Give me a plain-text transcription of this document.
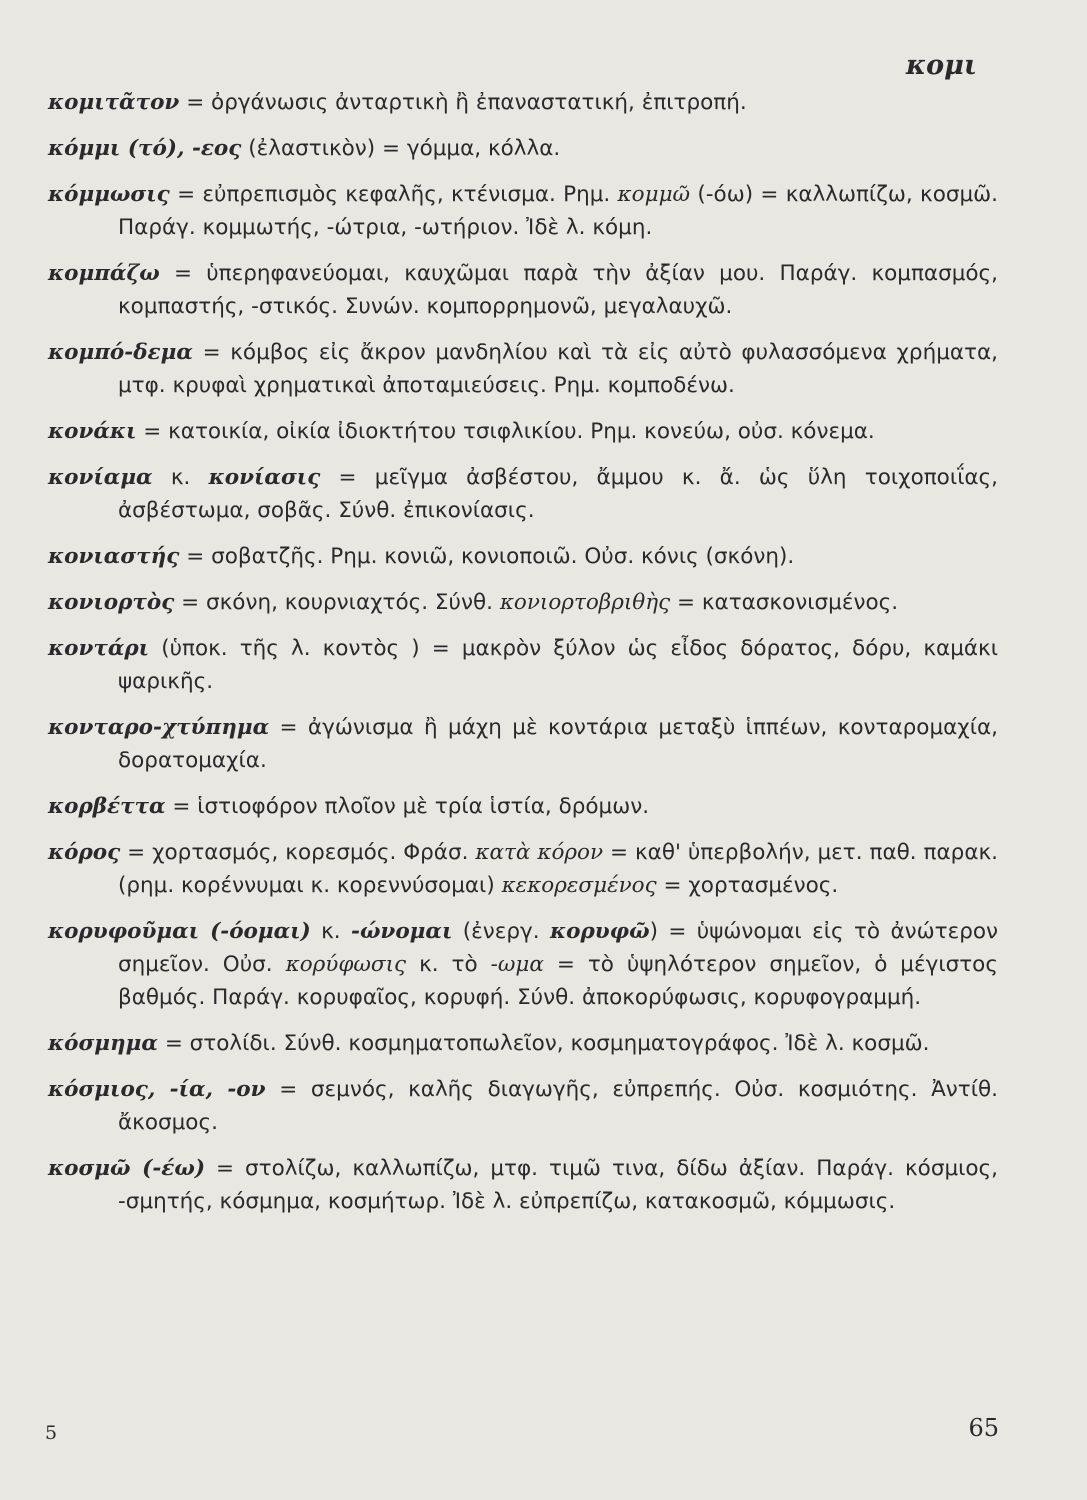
κομι

κομιτᾶτον = ὀργάνωσις ἀνταρτικὴ ἢ ἐπαναστατική, ἐπιτροπή.

κόμμι (τό), -εος (ἐλαστικὸν) = γόμμα, κόλλα.

κόμμωσις = εὐπρεπισμὸς κεφαλῆς, κτένισμα. Ρημ. κομμῶ (-όω) = καλλωπίζω, κοσμῶ. Παράγ. κομμωτής, -ώτρια, -ωτήριον. Ἰδὲ λ. κόμη.

κομπάζω = ὑπερηφανεύομαι, καυχῶμαι παρὰ τὴν ἀξίαν μου. Παράγ. κομπασμός, κομπαστής, -στικός. Συνών. κομπορρημονῶ, μεγαλαυχῶ.

κομπό-δεμα = κόμβος εἰς ἄκρον μανδηλίου καὶ τὰ εἰς αὐτὸ φυλασσόμενα χρήματα, μτφ. κρυφαὶ χρηματικαὶ ἀποταμιεύσεις. Ρημ. κομποδένω.

κονάκι = κατοικία, οἰκία ἰδιοκτήτου τσιφλικίου. Ρημ. κονεύω, οὐσ. κόνεμα.

κονίαμα κ. κονίασις = μεῖγμα ἀσβέστου, ἄμμου κ. ἄ. ὡς ὕλη τοιχοποιΐας, ἀσβέστωμα, σοβᾶς. Σύνθ. ἐπικονίασις.

κονιαστής = σοβατζῆς. Ρημ. κονιῶ, κονιοποιῶ. Οὐσ. κόνις (σκόνη).

κονιορτὸς = σκόνη, κουρνιαχτός. Σύνθ. κονιορτοβριθὴς = κατασκονισμένος.

κοντάρι (ὑποκ. τῆς λ. κοντὸς ) = μακρὸν ξύλον ὡς εἶδος δόρατος, δόρυ, καμάκι ψαρικῆς.

κονταρο-χτύπημα = ἀγώνισμα ἢ μάχη μὲ κοντάρια μεταξὺ ἱππέων, κονταρομαχία, δορατομαχία.

κορβέττα = ἱστιοφόρον πλοῖον μὲ τρία ἱστία, δρόμων.

κόρος = χορτασμός, κορεσμός. Φράσ. κατὰ κόρον = καθ' ὑπερβολήν, μετ. παθ. παρακ. (ρημ. κορέννυμαι κ. κορεννύσομαι) κεκορεσμένος = χορτασμένος.

κορυφοῦμαι (-όομαι) κ. -ώνομαι (ἐνεργ. κορυφῶ) = ὑψώνομαι εἰς τὸ ἀνώτερον σημεῖον. Οὐσ. κορύφωσις κ. τὸ -ωμα = τὸ ὑψηλότερον σημεῖον, ὁ μέγιστος βαθμός. Παράγ. κορυφαῖος, κορυφή. Σύνθ. ἀποκορύφωσις, κορυφογραμμή.

κόσμημα = στολίδι. Σύνθ. κοσμηματοπωλεῖον, κοσμηματογράφος. Ἰδὲ λ. κοσμῶ.

κόσμιος, -ία, -ον = σεμνός, καλῆς διαγωγῆς, εὐπρεπής. Οὐσ. κοσμιότης. Ἀντίθ. ἄκοσμος.

κοσμῶ (-έω) = στολίζω, καλλωπίζω, μτφ. τιμῶ τινα, δίδω ἀξίαν. Παράγ. κόσμιος, -σμητής, κόσμημα, κοσμήτωρ. Ἰδὲ λ. εὐπρεπίζω, κατακοσμῶ, κόμμωσις.

5	65
